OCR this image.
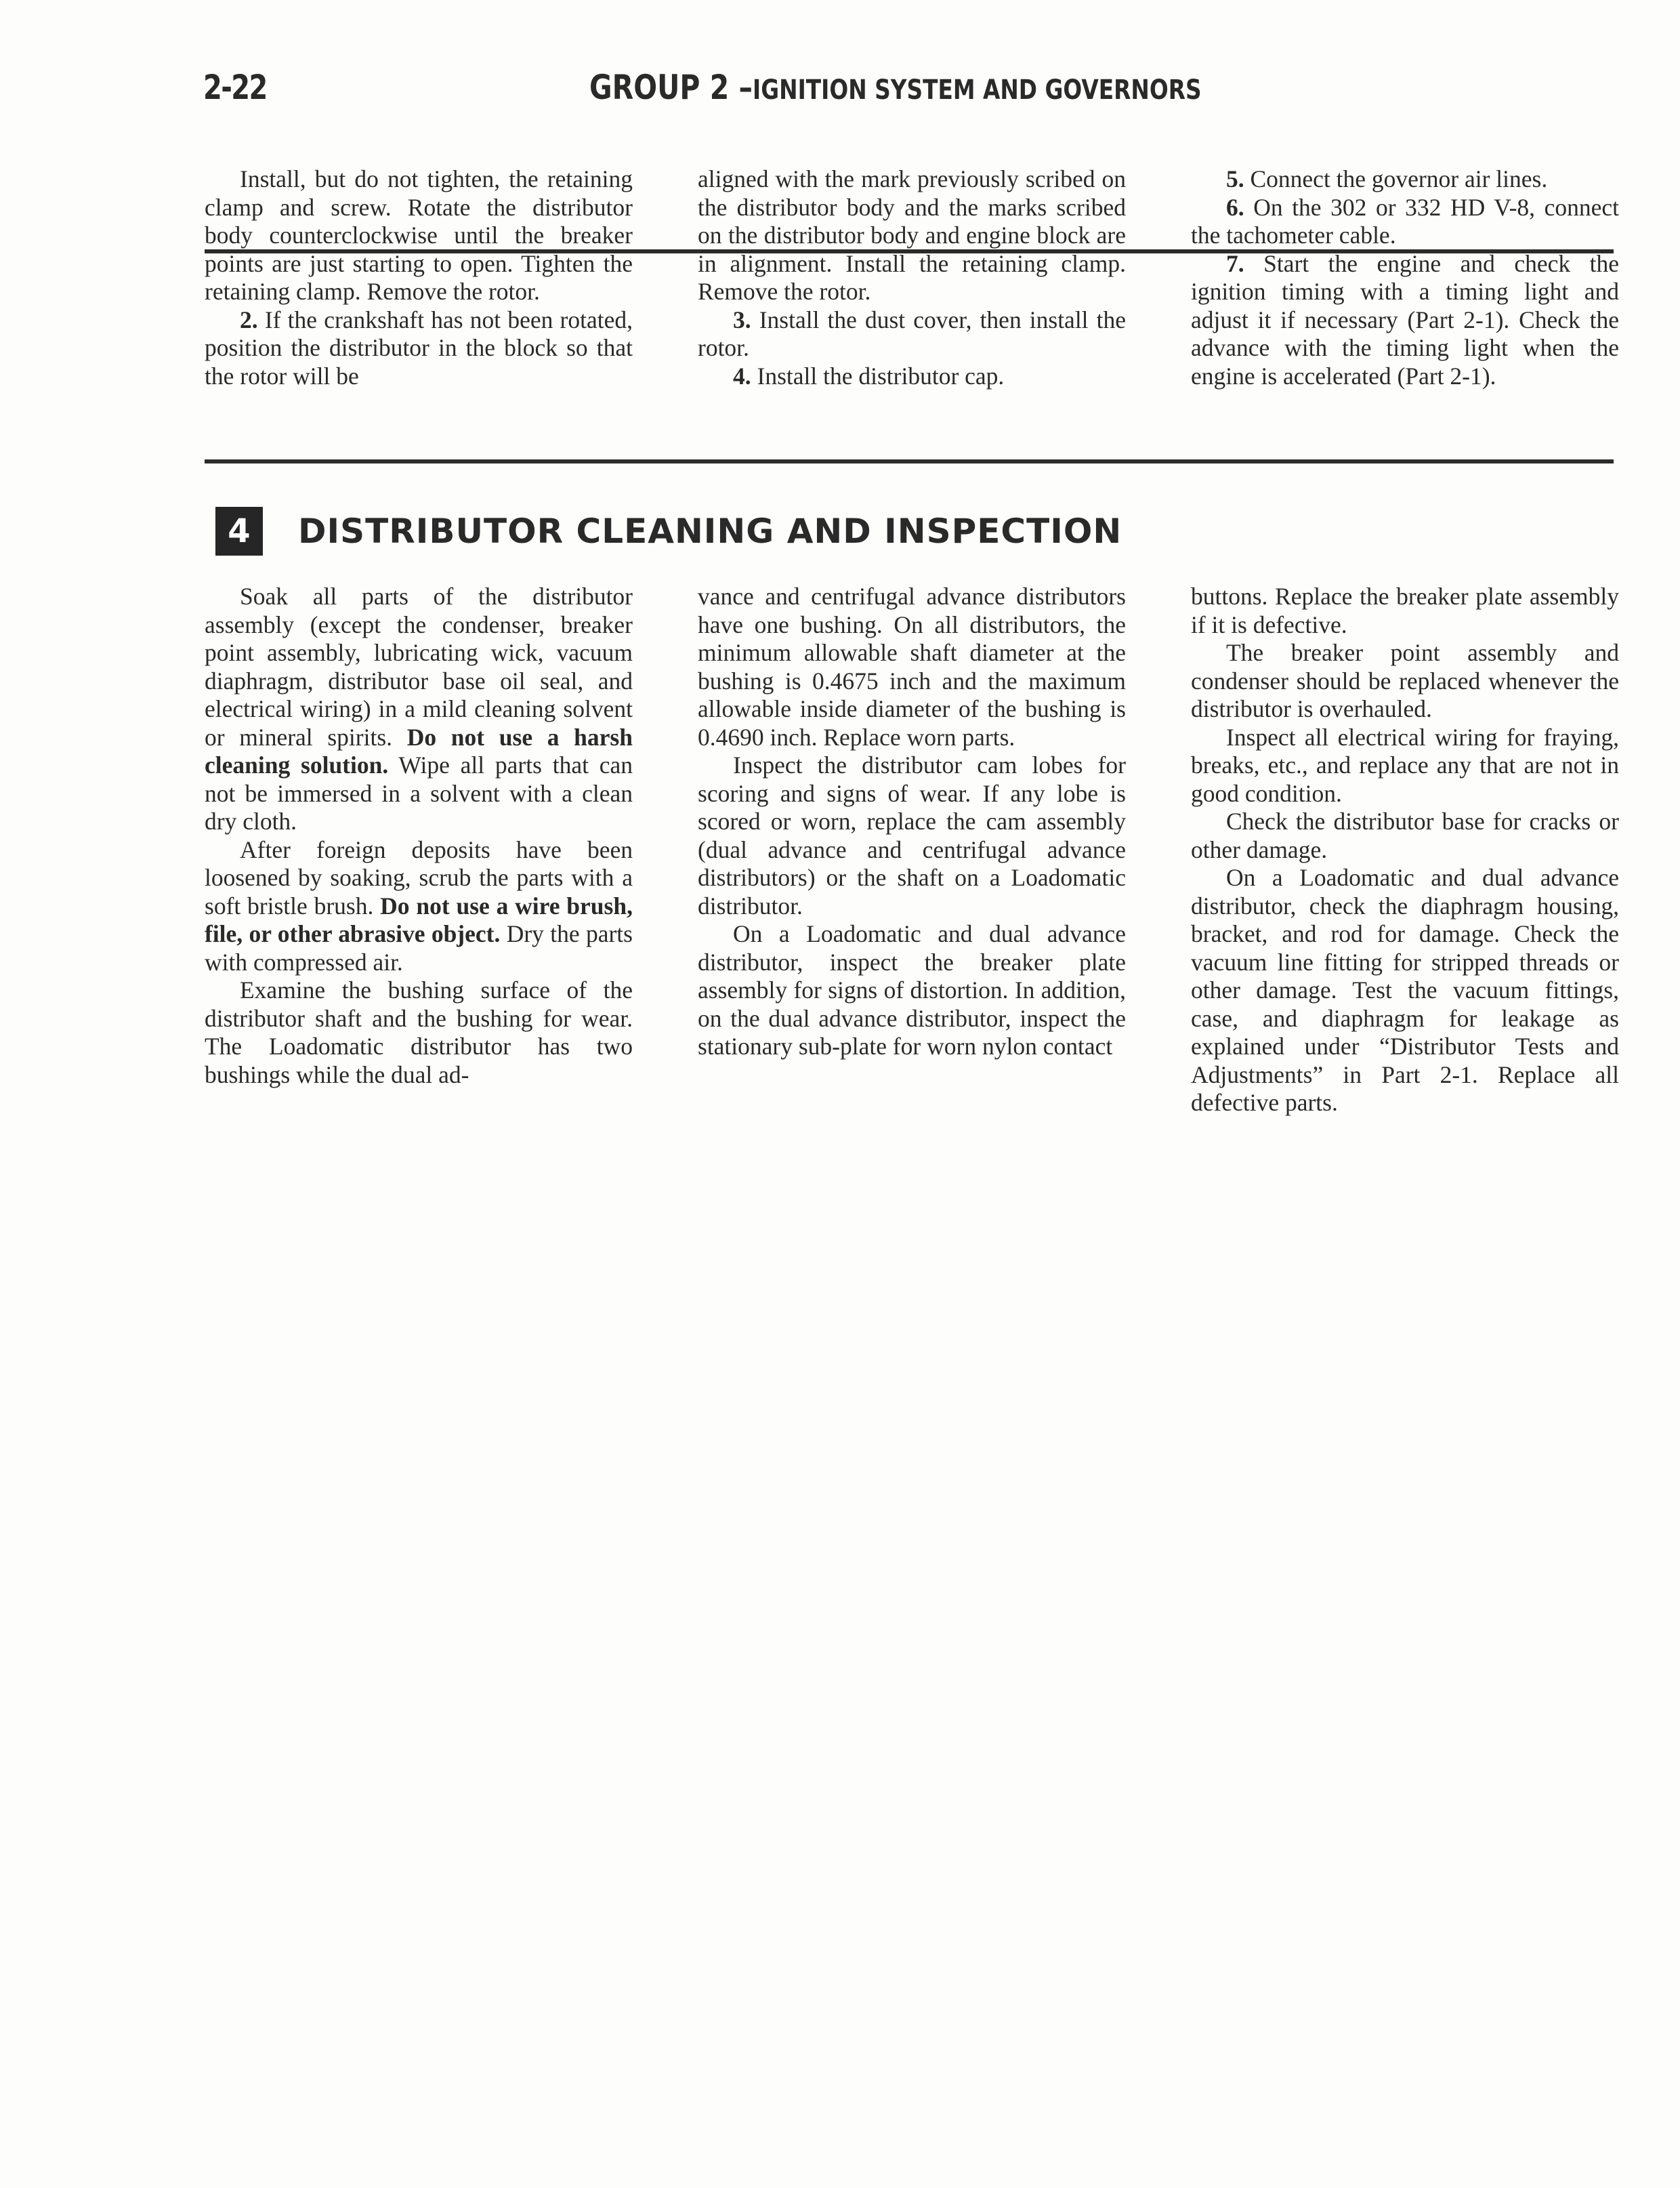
2-22	GROUP 2 –IGNITION SYSTEM AND GOVERNORS

Install, but do not tighten, the retaining clamp and screw. Rotate the distributor body counterclockwise until the breaker points are just starting to open. Tighten the retaining clamp. Remove the rotor.

2. If the crankshaft has not been rotated, position the distributor in the block so that the rotor will be

aligned with the mark previously scribed on the distributor body and the marks scribed on the distributor body and engine block are in alignment. Install the retaining clamp. Remove the rotor.

3. Install the dust cover, then install the rotor.

4. Install the distributor cap.

5. Connect the governor air lines.

6. On the 302 or 332 HD V-8, connect the tachometer cable.

7. Start the engine and check the ignition timing with a timing light and adjust it if necessary (Part 2-1). Check the advance with the timing light when the engine is accelerated (Part 2-1).

4	DISTRIBUTOR CLEANING AND INSPECTION

Soak all parts of the distributor assembly (except the condenser, breaker point assembly, lubricating wick, vacuum diaphragm, distributor base oil seal, and electrical wiring) in a mild cleaning solvent or mineral spirits. Do not use a harsh cleaning solution. Wipe all parts that can not be immersed in a solvent with a clean dry cloth.

After foreign deposits have been loosened by soaking, scrub the parts with a soft bristle brush. Do not use a wire brush, file, or other abrasive object. Dry the parts with compressed air.

Examine the bushing surface of the distributor shaft and the bushing for wear. The Loadomatic distributor has two bushings while the dual ad-

vance and centrifugal advance distributors have one bushing. On all distributors, the minimum allowable shaft diameter at the bushing is 0.4675 inch and the maximum allowable inside diameter of the bushing is 0.4690 inch. Replace worn parts.

Inspect the distributor cam lobes for scoring and signs of wear. If any lobe is scored or worn, replace the cam assembly (dual advance and centrifugal advance distributors) or the shaft on a Loadomatic distributor.

On a Loadomatic and dual advance distributor, inspect the breaker plate assembly for signs of distortion. In addition, on the dual advance distributor, inspect the stationary sub-plate for worn nylon contact

buttons. Replace the breaker plate assembly if it is defective.

The breaker point assembly and condenser should be replaced whenever the distributor is overhauled.

Inspect all electrical wiring for fraying, breaks, etc., and replace any that are not in good condition.

Check the distributor base for cracks or other damage.

On a Loadomatic and dual advance distributor, check the diaphragm housing, bracket, and rod for damage. Check the vacuum line fitting for stripped threads or other damage. Test the vacuum fittings, case, and diaphragm for leakage as explained under “Distributor Tests and Adjustments” in Part 2-1. Replace all defective parts.
